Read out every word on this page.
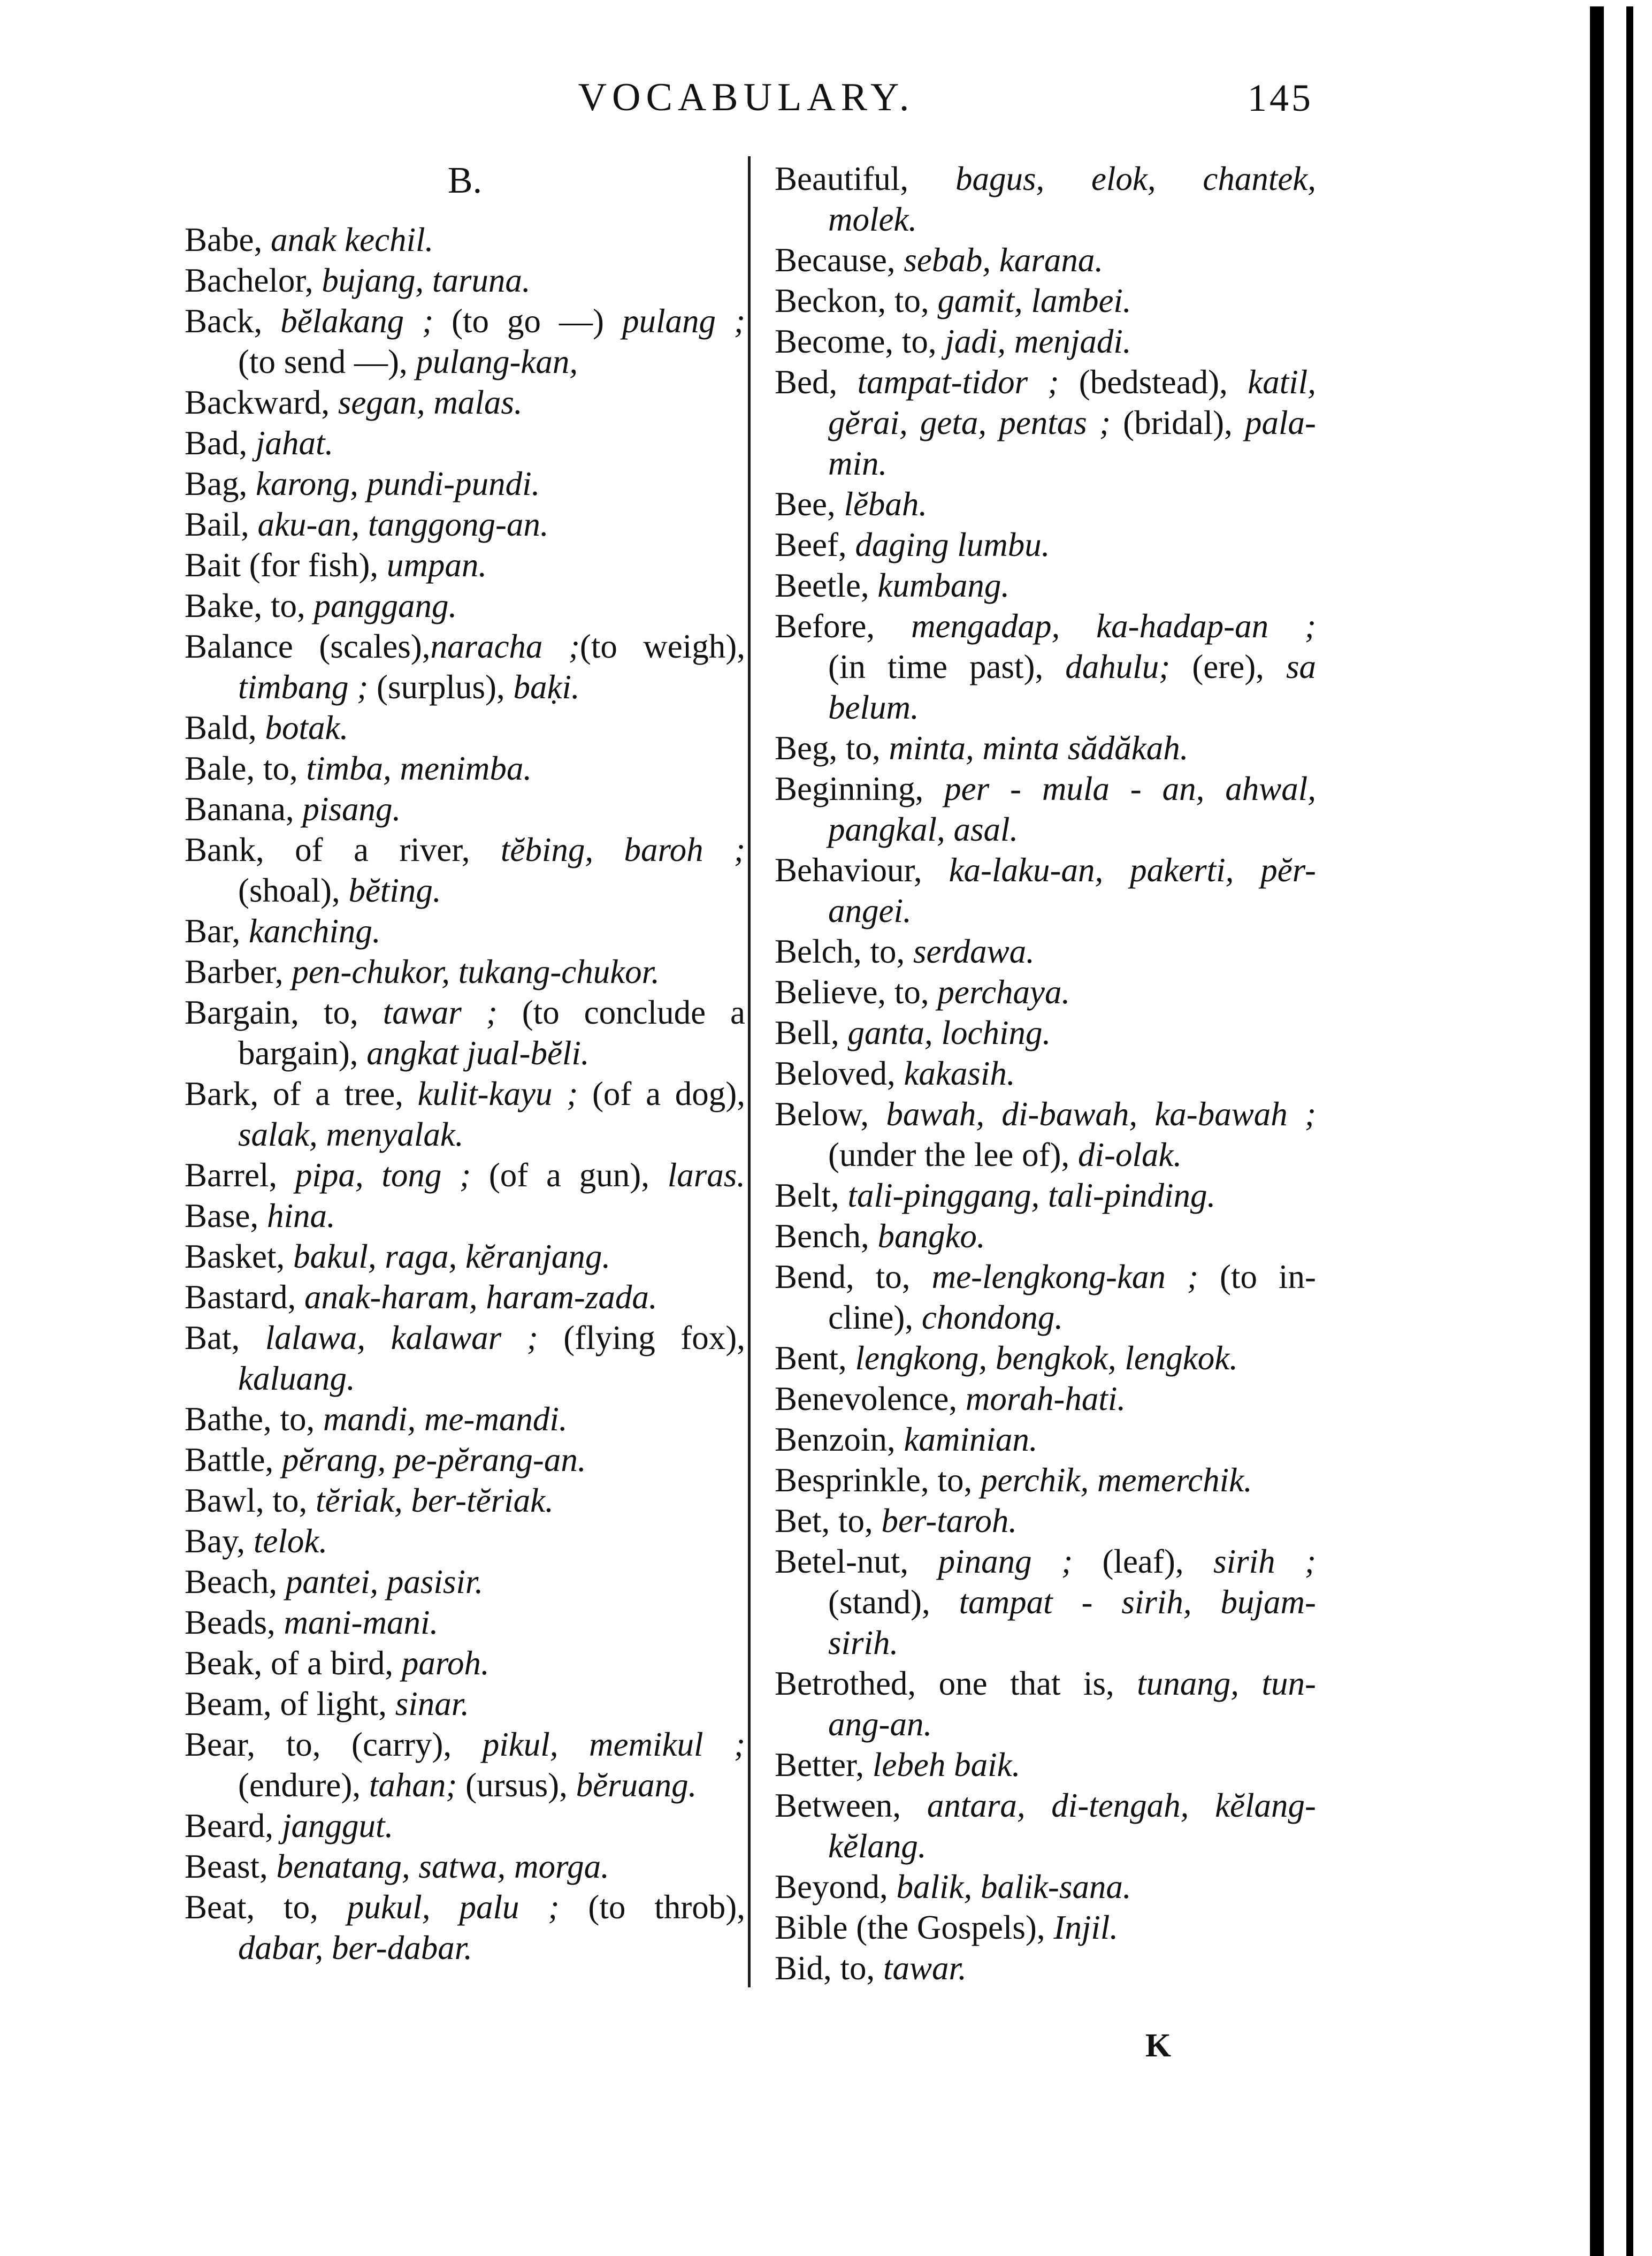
VOCABULARY.	145
B.
Babe, anak kechil.
Bachelor, bujang, taruna.
Back, bĕlakang ; (to go —) pulang ;
(to send —), pulang-kan,
Backward, segan, malas.
Bad, jahat.
Bag, karong, pundi-pundi.
Bail, aku-an, tanggong-an.
Bait (for fish), umpan.
Bake, to, panggang.
Balance (scales),naracha ;(to weigh),
timbang ; (surplus), baḳi.
Bald, botak.
Bale, to, timba, menimba.
Banana, pisang.
Bank, of a river, tĕbing, baroh ;
(shoal), bĕting.
Bar, kanching.
Barber, pen-chukor, tukang-chukor.
Bargain, to, tawar ; (to conclude a
bargain), angkat jual-bĕli.
Bark, of a tree, kulit-kayu ; (of a dog),
salak, menyalak.
Barrel, pipa, tong ; (of a gun), laras.
Base, hina.
Basket, bakul, raga, kĕranjang.
Bastard, anak-haram, haram-zada.
Bat, lalawa, kalawar ; (flying fox),
kaluang.
Bathe, to, mandi, me-mandi.
Battle, pĕrang, pe-pĕrang-an.
Bawl, to, tĕriak, ber-tĕriak.
Bay, telok.
Beach, pantei, pasisir.
Beads, mani-mani.
Beak, of a bird, paroh.
Beam, of light, sinar.
Bear, to, (carry), pikul, memikul ;
(endure), tahan; (ursus), bĕruang.
Beard, janggut.
Beast, benatang, satwa, morga.
Beat, to, pukul, palu ; (to throb),
dabar, ber-dabar.
Beautiful, bagus, elok, chantek,
molek.
Because, sebab, karana.
Beckon, to, gamit, lambei.
Become, to, jadi, menjadi.
Bed, tampat-tidor ; (bedstead), katil,
gĕrai, geta, pentas ; (bridal), pala-
min.
Bee, lĕbah.
Beef, daging lumbu.
Beetle, kumbang.
Before, mengadap, ka-hadap-an ;
(in time past), dahulu; (ere), sa
belum.
Beg, to, minta, minta sădăkah.
Beginning, per - mula - an, ahwal,
pangkal, asal.
Behaviour, ka-laku-an, pakerti, pĕr-
angei.
Belch, to, serdawa.
Believe, to, perchaya.
Bell, ganta, loching.
Beloved, kakasih.
Below, bawah, di-bawah, ka-bawah ;
(under the lee of), di-olak.
Belt, tali-pinggang, tali-pinding.
Bench, bangko.
Bend, to, me-lengkong-kan ; (to in-
cline), chondong.
Bent, lengkong, bengkok, lengkok.
Benevolence, morah-hati.
Benzoin, kaminian.
Besprinkle, to, perchik, memerchik.
Bet, to, ber-taroh.
Betel-nut, pinang ; (leaf), sirih ;
(stand), tampat - sirih, bujam-
sirih.
Betrothed, one that is, tunang, tun-
ang-an.
Better, lebeh baik.
Between, antara, di-tengah, kĕlang-
kĕlang.
Beyond, balik, balik-sana.
Bible (the Gospels), Injil.
Bid, to, tawar.
K
